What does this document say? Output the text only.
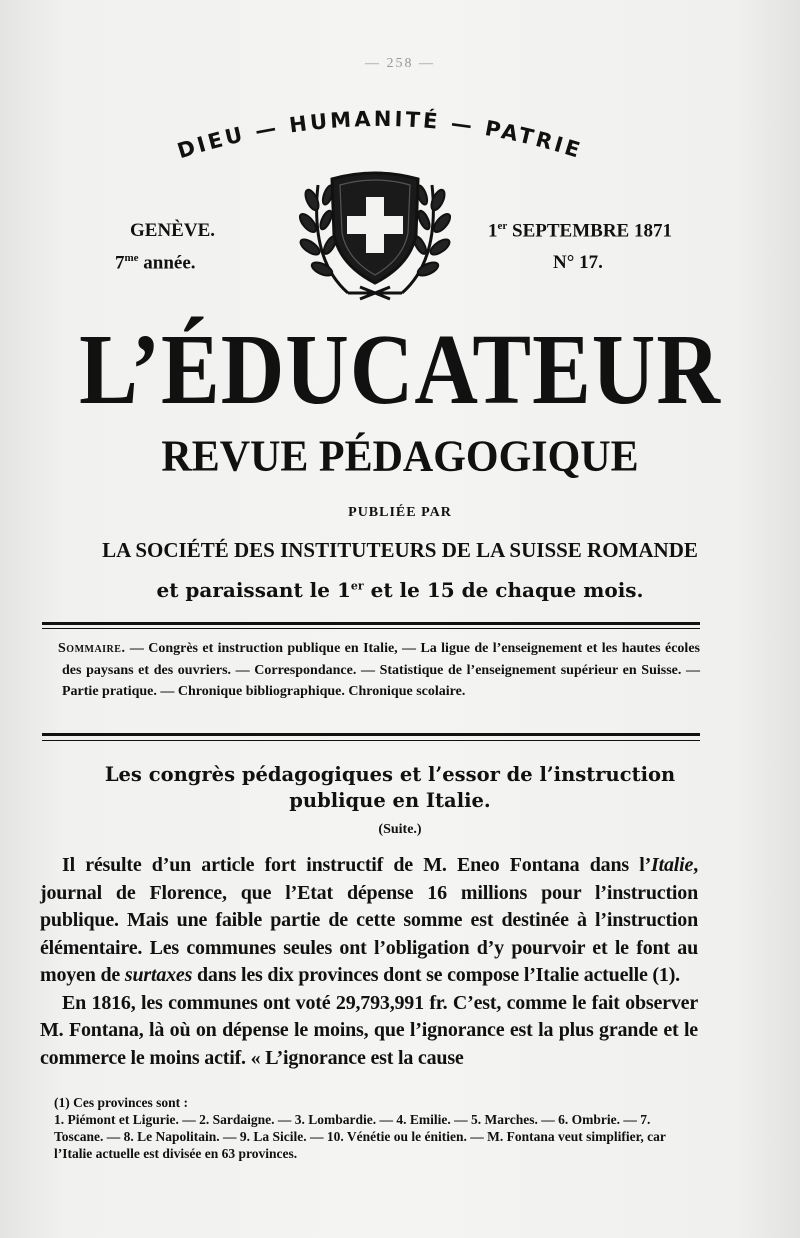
— 258 —
DIEU — HUMANITÉ — PATRIE
GENÈVE.
$7^{me}$ année.
1er SEPTEMBRE 1871
N° 17.
L’ÉDUCATEUR
REVUE PÉDAGOGIQUE
PUBLIÉE PAR
LA SOCIÉTÉ DES INSTITUTEURS DE LA SUISSE ROMANDE
et paraissant le 1er et le 15 de chaque mois.
Sommaire. — Congrès et instruction publique en Italie, — La ligue de l’enseignement et les hautes écoles des paysans et des ouvriers. — Correspondance. — Statistique de l’enseignement supérieur en Suisse. — Partie pratique. — Chronique bibliographique. Chronique scolaire.
Les congrès pédagogiques et l’essor de l’instruction publique en Italie.
(Suite.)

Il résulte d’un article fort instructif de M. Eneo Fontana dans l’Italie, journal de Florence, que l’Etat dépense 16 millions pour l’instruction publique. Mais une faible partie de cette somme est destinée à l’instruction élémentaire. Les communes seules ont l’obligation d’y pourvoir et le font au moyen de surtaxes dans les dix provinces dont se compose l’Italie actuelle (1).

En 1816, les communes ont voté 29,793,991 fr. C’est, comme le fait observer M. Fontana, là où on dépense le moins, que l’ignorance est la plus grande et le commerce le moins actif. « L’ignorance est la cause

(1) Ces provinces sont :
1. Piémont et Ligurie. — 2. Sardaigne. — 3. Lombardie. — 4. Emilie. — 5. Marches. — 6. Ombrie. — 7. Toscane. — 8. Le Napolitain. — 9. La Sicile. — 10. Vénétie ou le énitien. — M. Fontana veut simplifier, car l’Italie actuelle est divisée en 63 provinces.
